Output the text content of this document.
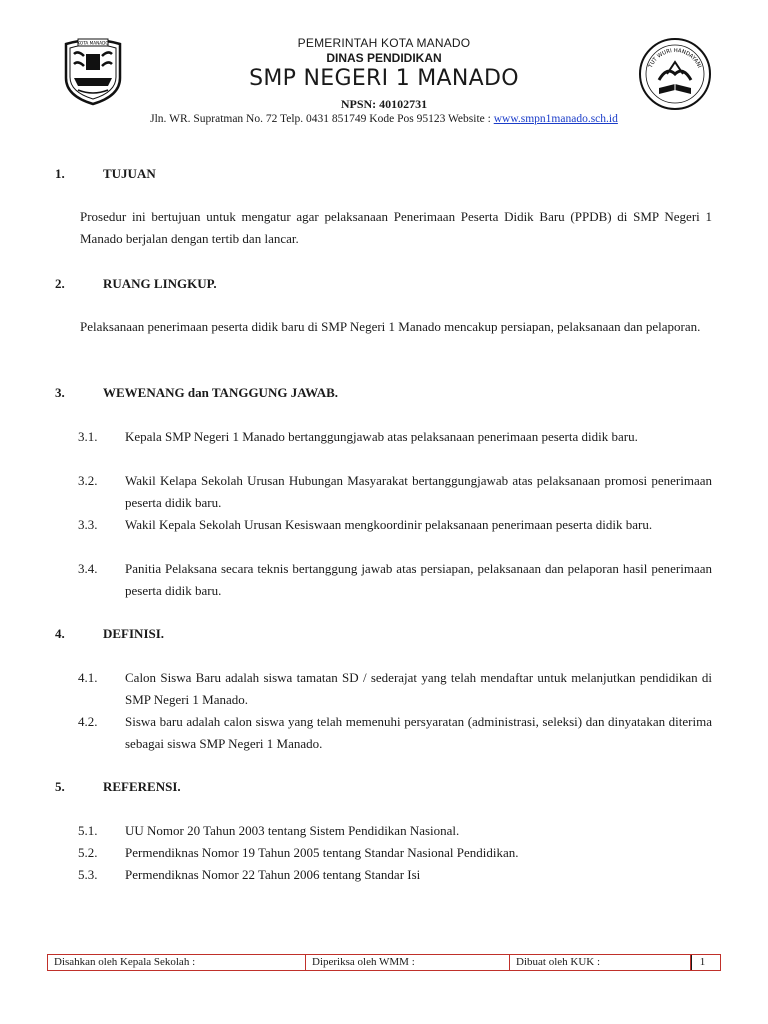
KOTA MANADO	PEMERINTAH KOTA MANADO
DINAS PENDIDIKAN
SMP NEGERI 1 MANADO
NPSN: 40102731
Jln. WR. Supratman No. 72 Telp. 0431 851749 Kode Pos 95123 Website : www.smpn1manado.sch.id
TUT WURI HANDAYANI
1.	TUJUAN

Prosedur ini bertujuan untuk mengatur agar pelaksanaan Penerimaan Peserta Didik Baru (PPDB) di SMP Negeri 1 Manado berjalan dengan tertib dan lancar.

2.	RUANG LINGKUP.

Pelaksanaan penerimaan peserta didik baru di SMP Negeri 1 Manado mencakup persiapan, pelaksanaan dan pelaporan.

3.	WEWENANG dan TANGGUNG JAWAB.
3.1. Kepala SMP Negeri 1 Manado bertanggungjawab atas pelaksanaan penerimaan peserta didik baru.
3.2. Wakil Kelapa Sekolah Urusan Hubungan Masyarakat bertanggungjawab atas pelaksanaan promosi penerimaan peserta didik baru.
3.3. Wakil Kepala Sekolah Urusan Kesiswaan mengkoordinir pelaksanaan penerimaan peserta didik baru.
3.4. Panitia Pelaksana secara teknis bertanggung jawab atas persiapan, pelaksanaan dan pelaporan hasil penerimaan peserta didik baru.
4.	DEFINISI.
4.1. Calon Siswa Baru adalah siswa tamatan SD / sederajat yang telah mendaftar untuk melanjutkan pendidikan di SMP Negeri 1 Manado.
4.2. Siswa baru adalah calon siswa yang telah memenuhi persyaratan (administrasi, seleksi) dan dinyatakan diterima sebagai siswa SMP Negeri 1 Manado.
5.	REFERENSI.
5.1. UU Nomor 20 Tahun 2003 tentang Sistem Pendidikan Nasional.
5.2. Permendiknas Nomor 19 Tahun 2005 tentang Standar Nasional Pendidikan.
5.3. Permendiknas Nomor 22 Tahun 2006 tentang Standar Isi
Disahkan oleh Kepala Sekolah :	Diperiksa oleh WMM :	Dibuat oleh KUK :	1
